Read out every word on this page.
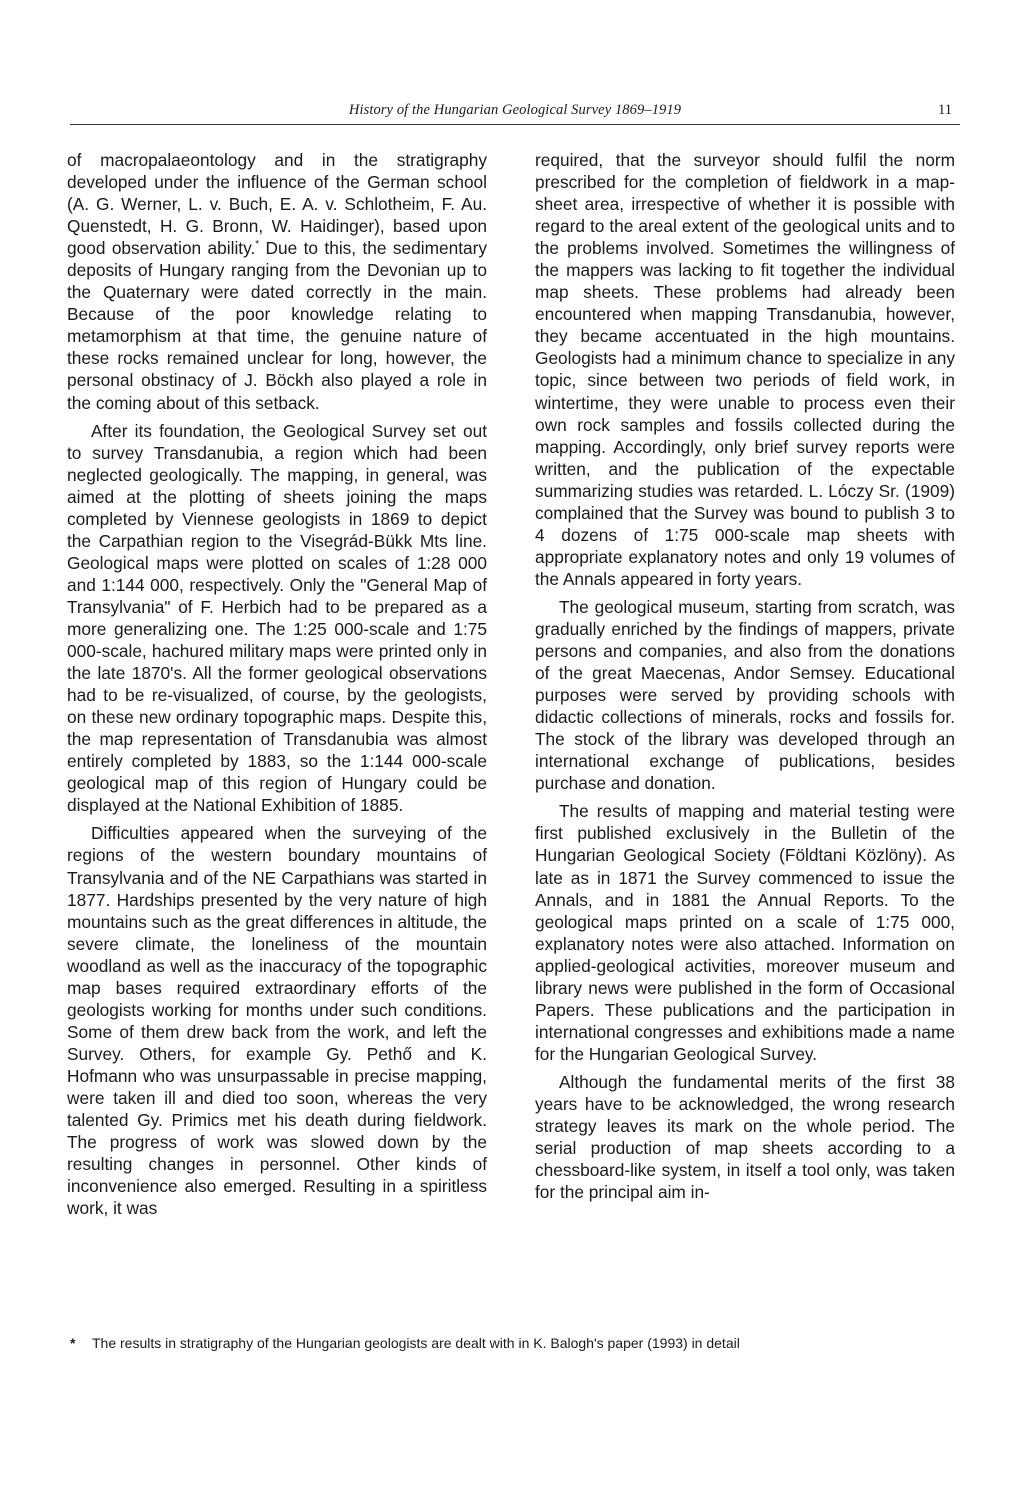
History of the Hungarian Geological Survey 1869–1919	11

of macropalaeontology and in the stratigraphy developed under the influence of the German school (A. G. Werner, L. v. Buch, E. A. v. Schlotheim, F. Au. Quenstedt, H. G. Bronn, W. Haidinger), based upon good observation ability.* Due to this, the sedimentary deposits of Hungary ranging from the Devonian up to the Quaternary were dated correctly in the main. Because of the poor knowledge relating to metamorphism at that time, the genuine nature of these rocks remained unclear for long, however, the personal obstinacy of J. Böckh also played a role in the coming about of this setback.

After its foundation, the Geological Survey set out to survey Transdanubia, a region which had been neglected geologically. The mapping, in general, was aimed at the plotting of sheets joining the maps completed by Viennese geologists in 1869 to depict the Carpathian region to the Visegrád-Bükk Mts line. Geological maps were plotted on scales of 1:28 000 and 1:144 000, respectively. Only the "General Map of Transylvania" of F. Herbich had to be prepared as a more generalizing one. The 1:25 000-scale and 1:75 000-scale, hachured military maps were printed only in the late 1870's. All the former geological observations had to be re-visualized, of course, by the geologists, on these new ordinary topographic maps. Despite this, the map representation of Transdanubia was almost entirely completed by 1883, so the 1:144 000-scale geological map of this region of Hungary could be displayed at the National Exhibition of 1885.

Difficulties appeared when the surveying of the regions of the western boundary mountains of Transylvania and of the NE Carpathians was started in 1877. Hardships presented by the very nature of high mountains such as the great differences in altitude, the severe climate, the loneliness of the mountain woodland as well as the inaccuracy of the topographic map bases required extraordinary efforts of the geologists working for months under such conditions. Some of them drew back from the work, and left the Survey. Others, for example Gy. Pethő and K. Hofmann who was unsurpassable in precise mapping, were taken ill and died too soon, whereas the very talented Gy. Primics met his death during fieldwork. The progress of work was slowed down by the resulting changes in personnel. Other kinds of inconvenience also emerged. Resulting in a spiritless work, it was

required, that the surveyor should fulfil the norm prescribed for the completion of fieldwork in a map-sheet area, irrespective of whether it is possible with regard to the areal extent of the geological units and to the problems involved. Sometimes the willingness of the mappers was lacking to fit together the individual map sheets. These problems had already been encountered when mapping Transdanubia, however, they became accentuated in the high mountains. Geologists had a minimum chance to specialize in any topic, since between two periods of field work, in wintertime, they were unable to process even their own rock samples and fossils collected during the mapping. Accordingly, only brief survey reports were written, and the publication of the expectable summarizing studies was retarded. L. Lóczy Sr. (1909) complained that the Survey was bound to publish 3 to 4 dozens of 1:75 000-scale map sheets with appropriate explanatory notes and only 19 volumes of the Annals appeared in forty years.

The geological museum, starting from scratch, was gradually enriched by the findings of mappers, private persons and companies, and also from the donations of the great Maecenas, Andor Semsey. Educational purposes were served by providing schools with didactic collections of minerals, rocks and fossils for. The stock of the library was developed through an international exchange of publications, besides purchase and donation.

The results of mapping and material testing were first published exclusively in the Bulletin of the Hungarian Geological Society (Földtani Közlöny). As late as in 1871 the Survey commenced to issue the Annals, and in 1881 the Annual Reports. To the geological maps printed on a scale of 1:75 000, explanatory notes were also attached. Information on applied-geological activities, moreover museum and library news were published in the form of Occasional Papers. These publications and the participation in international congresses and exhibitions made a name for the Hungarian Geological Survey.

Although the fundamental merits of the first 38 years have to be acknowledged, the wrong research strategy leaves its mark on the whole period. The serial production of map sheets according to a chessboard-like system, in itself a tool only, was taken for the principal aim in-

* The results in stratigraphy of the Hungarian geologists are dealt with in K. Balogh's paper (1993) in detail
